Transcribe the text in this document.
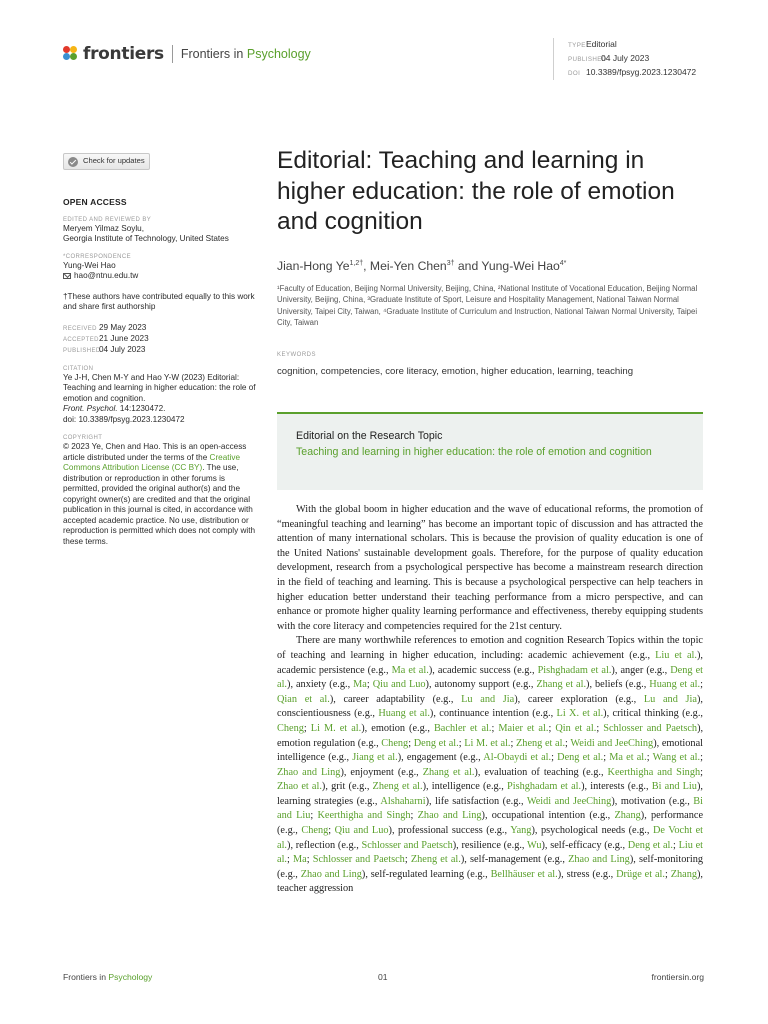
frontiers Frontiers in Psychology
TYPEEditorial
PUBLISHED04 July 2023
DOI 10.3389/fpsyg.2023.1230472
Check for updates
OPEN ACCESS
EDITED AND REVIEWED BY
Meryem Yilmaz Soylu,
Georgia Institute of Technology, United States
*CORRESPONDENCE
Yung-Wei Hao
hao@ntnu.edu.tw
†These authors have contributed equally to this work and share first authorship
RECEIVED 29 May 2023
ACCEPTED21 June 2023
PUBLISHED04 July 2023
CITATION
Ye J-H, Chen M-Y and Hao Y-W (2023) Editorial: Teaching and learning in higher education: the role of emotion and cognition.
Front. Psychol. 14:1230472.
doi: 10.3389/fpsyg.2023.1230472
COPYRIGHT
© 2023 Ye, Chen and Hao. This is an open-access article distributed under the terms of the Creative Commons Attribution License (CC BY). The use, distribution or reproduction in other forums is permitted, provided the original author(s) and the copyright owner(s) are credited and that the original publication in this journal is cited, in accordance with accepted academic practice. No use, distribution or reproduction is permitted which does not comply with these terms.
Editorial: Teaching and learning in higher education: the role of emotion and cognition
Jian-Hong $Ye^{1,2\dagger}$, Mei-Yen Chen$^{3\dagger}$ and Yung-Wei Hao$^{4*}$
¹Faculty of Education, Beijing Normal University, Beijing, China, ²National Institute of Vocational Education, Beijing Normal University, Beijing, China, ³Graduate Institute of Sport, Leisure and Hospitality Management, National Taiwan Normal University, Taipei City, Taiwan, ⁴Graduate Institute of Curriculum and Instruction, National Taiwan Normal University, Taipei City, Taiwan
KEYWORDS
cognition, competencies, core literacy, emotion, higher education, learning, teaching
Editorial on the Research Topic
Teaching and learning in higher education: the role of emotion and cognition

With the global boom in higher education and the wave of educational reforms, the promotion of “meaningful teaching and learning” has become an important topic of discussion and has attracted the attention of many international scholars. This is because the provision of quality education is one of the United Nations' sustainable development goals. Therefore, for the purpose of quality education development, research from a psychological perspective has become a mainstream research direction in the field of teaching and learning. This is because a psychological perspective can help teachers in higher education better understand their teaching performance from a micro perspective, and can enhance or promote higher quality learning performance and effectiveness, thereby equipping students with the core literacy and competencies required for the 21st century.

There are many worthwhile references to emotion and cognition Research Topics within the topic of teaching and learning in higher education, including: academic achievement (e.g., Liu et al.), academic persistence (e.g., Ma et al.), academic success (e.g., Pishghadam et al.), anger (e.g., Deng et al.), anxiety (e.g., Ma; Qiu and Luo), autonomy support (e.g., Zhang et al.), beliefs (e.g., Huang et al.; Qian et al.), career adaptability (e.g., Lu and Jia), career exploration (e.g., Lu and Jia), conscientiousness (e.g., Huang et al.), continuance intention (e.g., Li X. et al.), critical thinking (e.g., Cheng; Li M. et al.), emotion (e.g., Bachler et al.; Maier et al.; Qin et al.; Schlosser and Paetsch), emotion regulation (e.g., Cheng; Deng et al.; Li M. et al.; Zheng et al.; Weidi and JeeChing), emotional intelligence (e.g., Jiang et al.), engagement (e.g., Al-Obaydi et al.; Deng et al.; Ma et al.; Wang et al.; Zhao and Ling), enjoyment (e.g., Zhang et al.), evaluation of teaching (e.g., Keerthigha and Singh; Zhao et al.), grit (e.g., Zheng et al.), intelligence (e.g., Pishghadam et al.), interests (e.g., Bi and Liu), learning strategies (e.g., Alshaharni), life satisfaction (e.g., Weidi and JeeChing), motivation (e.g., Bi and Liu; Keerthigha and Singh; Zhao and Ling), occupational intention (e.g., Zhang), performance (e.g., Cheng; Qiu and Luo), professional success (e.g., Yang), psychological needs (e.g., De Vocht et al.), reflection (e.g., Schlosser and Paetsch), resilience (e.g., Wu), self-efficacy (e.g., Deng et al.; Liu et al.; Ma; Schlosser and Paetsch; Zheng et al.), self-management (e.g., Zhao and Ling), self-monitoring (e.g., Zhao and Ling), self-regulated learning (e.g., Bellhäuser et al.), stress (e.g., Drüge et al.; Zhang), teacher aggression

Frontiers in Psychology	01	frontiersin.org
